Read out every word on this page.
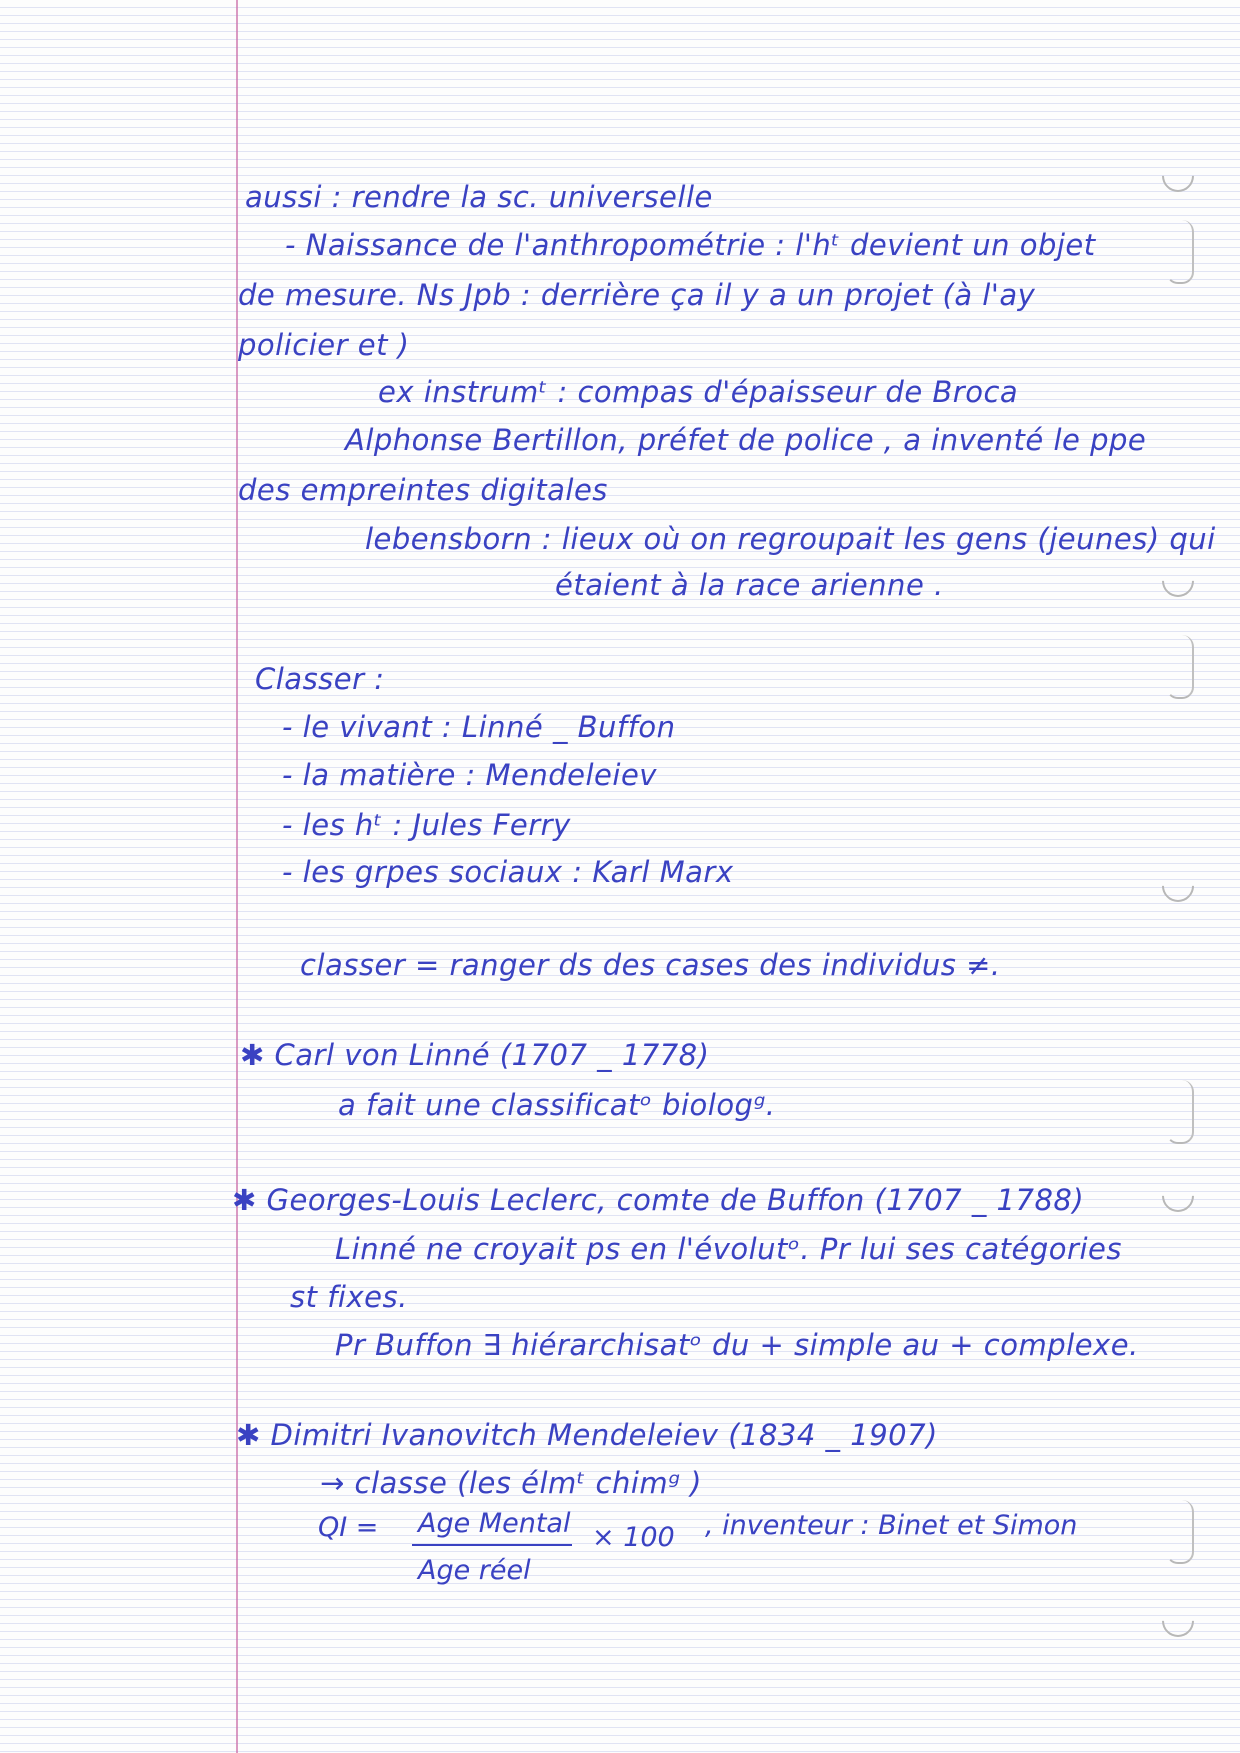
aussi : rendre la sc. universelle
- Naissance de l'anthropométrie : l'hᵗ devient un objet
de mesure. Ns Jpb : derrière ça il y a un projet (à l'ay
policier et )
ex instrumᵗ : compas d'épaisseur de Broca
Alphonse Bertillon, préfet de police , a inventé le ppe
des empreintes digitales
lebensborn : lieux où on regroupait les gens (jeunes) qui
étaient à la race arienne .
Classer :
- le vivant : Linné _ Buffon
- la matière : Mendeleiev
- les hᵗ : Jules Ferry
- les grpes sociaux : Karl Marx
classer = ranger ds des cases des individus ≠.
✱ Carl von Linné (1707 _ 1778)
a fait une classificatᵒ biologᵍ.
✱ Georges-Louis Leclerc, comte de Buffon (1707 _ 1788)
Linné ne croyait ps en l'évolutᵒ. Pr lui ses catégories
st fixes.
Pr Buffon ∃ hiérarchisatᵒ du + simple au + complexe.
✱ Dimitri Ivanovitch Mendeleiev (1834 _ 1907)
→ classe (les élmᵗ chimᵍ )
QI = Age Mental
Age réel
× 100 , inventeur : Binet et Simon
